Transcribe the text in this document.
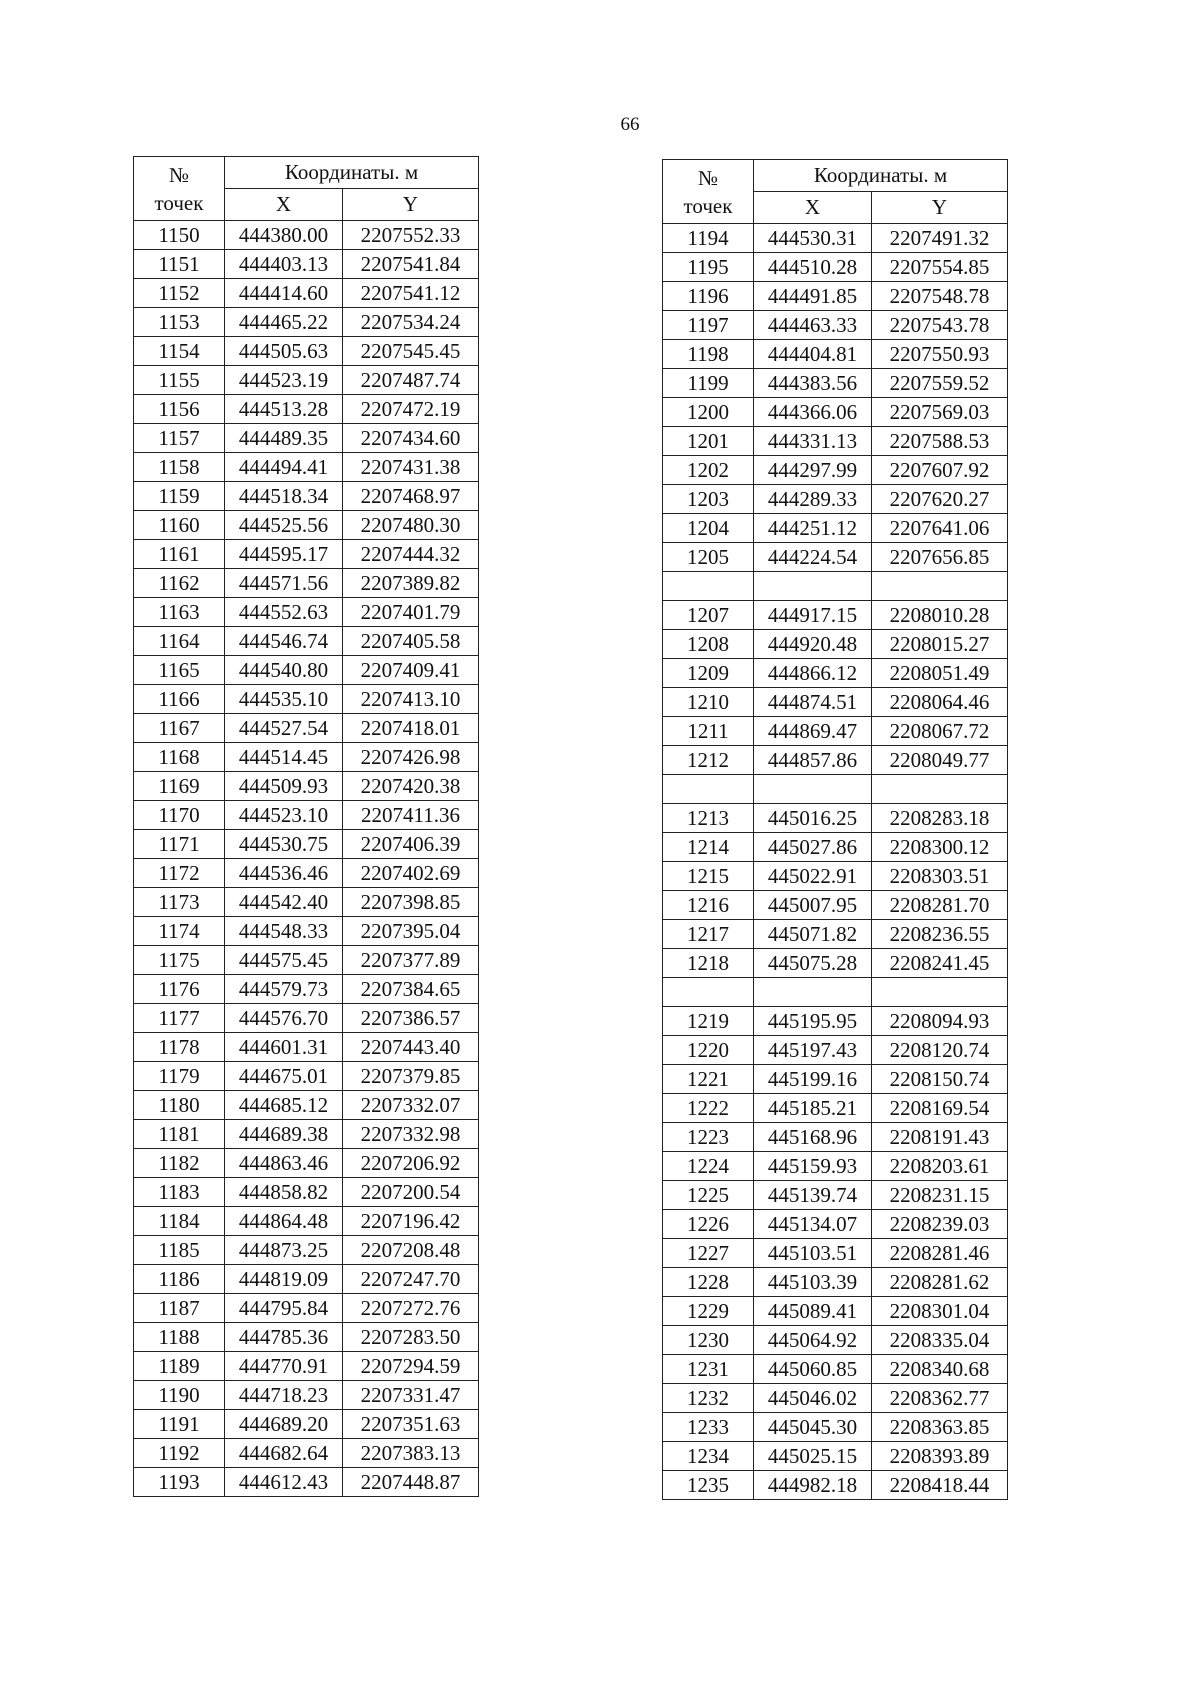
66
№
точек	Координаты. м	
	X	Y
1150	444380.00	2207552.33
1151	444403.13	2207541.84
1152	444414.60	2207541.12
1153	444465.22	2207534.24
1154	444505.63	2207545.45
1155	444523.19	2207487.74
1156	444513.28	2207472.19
1157	444489.35	2207434.60
1158	444494.41	2207431.38
1159	444518.34	2207468.97
1160	444525.56	2207480.30
1161	444595.17	2207444.32
1162	444571.56	2207389.82
1163	444552.63	2207401.79
1164	444546.74	2207405.58
1165	444540.80	2207409.41
1166	444535.10	2207413.10
1167	444527.54	2207418.01
1168	444514.45	2207426.98
1169	444509.93	2207420.38
1170	444523.10	2207411.36
1171	444530.75	2207406.39
1172	444536.46	2207402.69
1173	444542.40	2207398.85
1174	444548.33	2207395.04
1175	444575.45	2207377.89
1176	444579.73	2207384.65
1177	444576.70	2207386.57
1178	444601.31	2207443.40
1179	444675.01	2207379.85
1180	444685.12	2207332.07
1181	444689.38	2207332.98
1182	444863.46	2207206.92
1183	444858.82	2207200.54
1184	444864.48	2207196.42
1185	444873.25	2207208.48
1186	444819.09	2207247.70
1187	444795.84	2207272.76
1188	444785.36	2207283.50
1189	444770.91	2207294.59
1190	444718.23	2207331.47
1191	444689.20	2207351.63
1192	444682.64	2207383.13
1193	444612.43	2207448.87
№
точек	Координаты. м	
	X	Y
1194	444530.31	2207491.32
1195	444510.28	2207554.85
1196	444491.85	2207548.78
1197	444463.33	2207543.78
1198	444404.81	2207550.93
1199	444383.56	2207559.52
1200	444366.06	2207569.03
1201	444331.13	2207588.53
1202	444297.99	2207607.92
1203	444289.33	2207620.27
1204	444251.12	2207641.06
1205	444224.54	2207656.85

1207	444917.15	2208010.28
1208	444920.48	2208015.27
1209	444866.12	2208051.49
1210	444874.51	2208064.46
1211	444869.47	2208067.72
1212	444857.86	2208049.77

1213	445016.25	2208283.18
1214	445027.86	2208300.12
1215	445022.91	2208303.51
1216	445007.95	2208281.70
1217	445071.82	2208236.55
1218	445075.28	2208241.45

1219	445195.95	2208094.93
1220	445197.43	2208120.74
1221	445199.16	2208150.74
1222	445185.21	2208169.54
1223	445168.96	2208191.43
1224	445159.93	2208203.61
1225	445139.74	2208231.15
1226	445134.07	2208239.03
1227	445103.51	2208281.46
1228	445103.39	2208281.62
1229	445089.41	2208301.04
1230	445064.92	2208335.04
1231	445060.85	2208340.68
1232	445046.02	2208362.77
1233	445045.30	2208363.85
1234	445025.15	2208393.89
1235	444982.18	2208418.44
